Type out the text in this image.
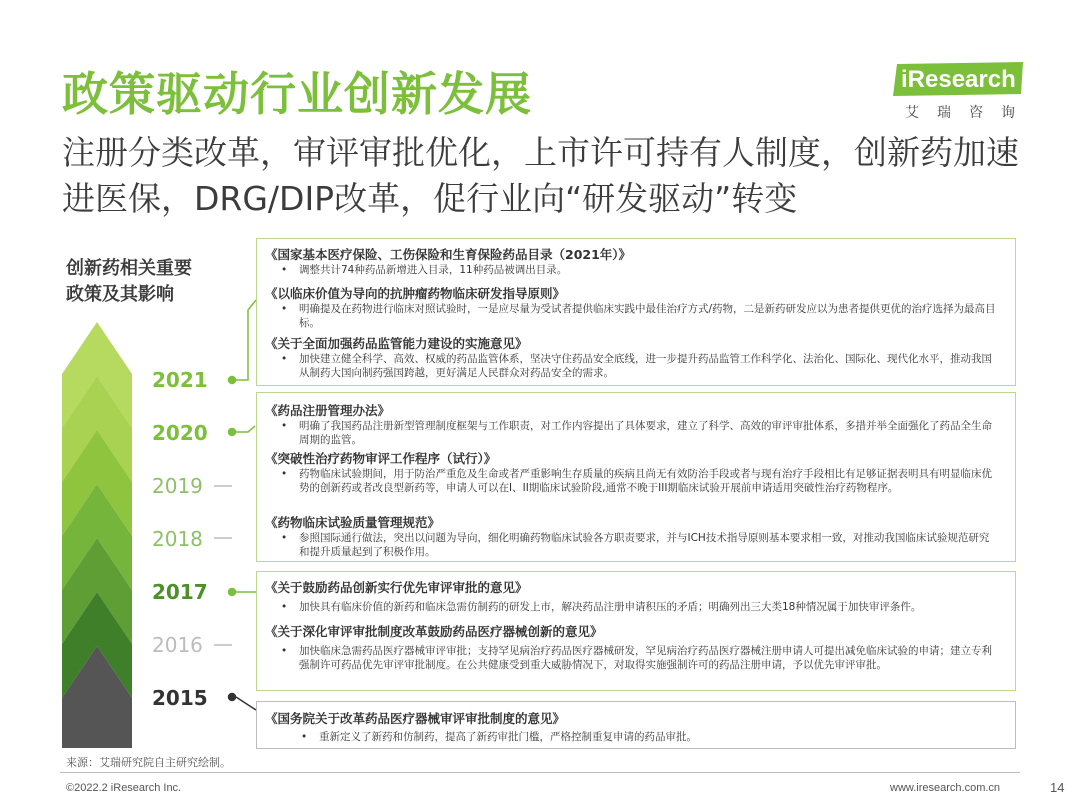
政策驱动行业创新发展
注册分类改革，审评审批优化，上市许可持有人制度，创新药加速进医保，DRG/DIP改革，促行业向“研发驱动”转变
iResearch
艾瑞咨询
创新药相关重要
政策及其影响
2021
2020
2019
2018
2017
2016
2015
《国家基本医疗保险、工伤保险和生育保险药品目录（2021年）》
• 调整共计74种药品新增进入目录，11种药品被调出目录。
《以临床价值为导向的抗肿瘤药物临床研发指导原则》
• 明确提及在药物进行临床对照试验时，一是应尽量为受试者提供临床实践中最佳治疗方式/药物，二是新药研发应以为患者提供更优的治疗选择为最高目标。
《关于全面加强药品监管能力建设的实施意见》
• 加快建立健全科学、高效、权威的药品监管体系，坚决守住药品安全底线，进一步提升药品监管工作科学化、法治化、国际化、现代化水平，推动我国从制药大国向制药强国跨越，更好满足人民群众对药品安全的需求。
《药品注册管理办法》
• 明确了我国药品注册新型管理制度框架与工作职责，对工作内容提出了具体要求，建立了科学、高效的审评审批体系，多措并举全面强化了药品全生命周期的监管。
《突破性治疗药物审评工作程序（试行）》
• 药物临床试验期间，用于防治严重危及生命或者严重影响生存质量的疾病且尚无有效防治手段或者与现有治疗手段相比有足够证据表明具有明显临床优势的创新药或者改良型新药等，申请人可以在I、II期临床试验阶段,通常不晚于III期临床试验开展前申请适用突破性治疗药物程序。
《药物临床试验质量管理规范》
• 参照国际通行做法，突出以问题为导向，细化明确药物临床试验各方职责要求，并与ICH技术指导原则基本要求相一致，对推动我国临床试验规范研究和提升质量起到了积极作用。
《关于鼓励药品创新实行优先审评审批的意见》
• 加快具有临床价值的新药和临床急需仿制药的研发上市，解决药品注册申请积压的矛盾；明确列出三大类18种情况属于加快审评条件。
《关于深化审评审批制度改革鼓励药品医疗器械创新的意见》
• 加快临床急需药品医疗器械审评审批；支持罕见病治疗药品医疗器械研发，罕见病治疗药品医疗器械注册申请人可提出减免临床试验的申请；建立专利强制许可药品优先审评审批制度。在公共健康受到重大威胁情况下，对取得实施强制许可的药品注册申请，予以优先审评审批。
《国务院关于改革药品医疗器械审评审批制度的意见》
• 重新定义了新药和仿制药，提高了新药审批门槛，严格控制重复申请的药品审批。
来源：艾瑞研究院自主研究绘制。
©2022.2 iResearch Inc.	www.iresearch.com.cn	14
